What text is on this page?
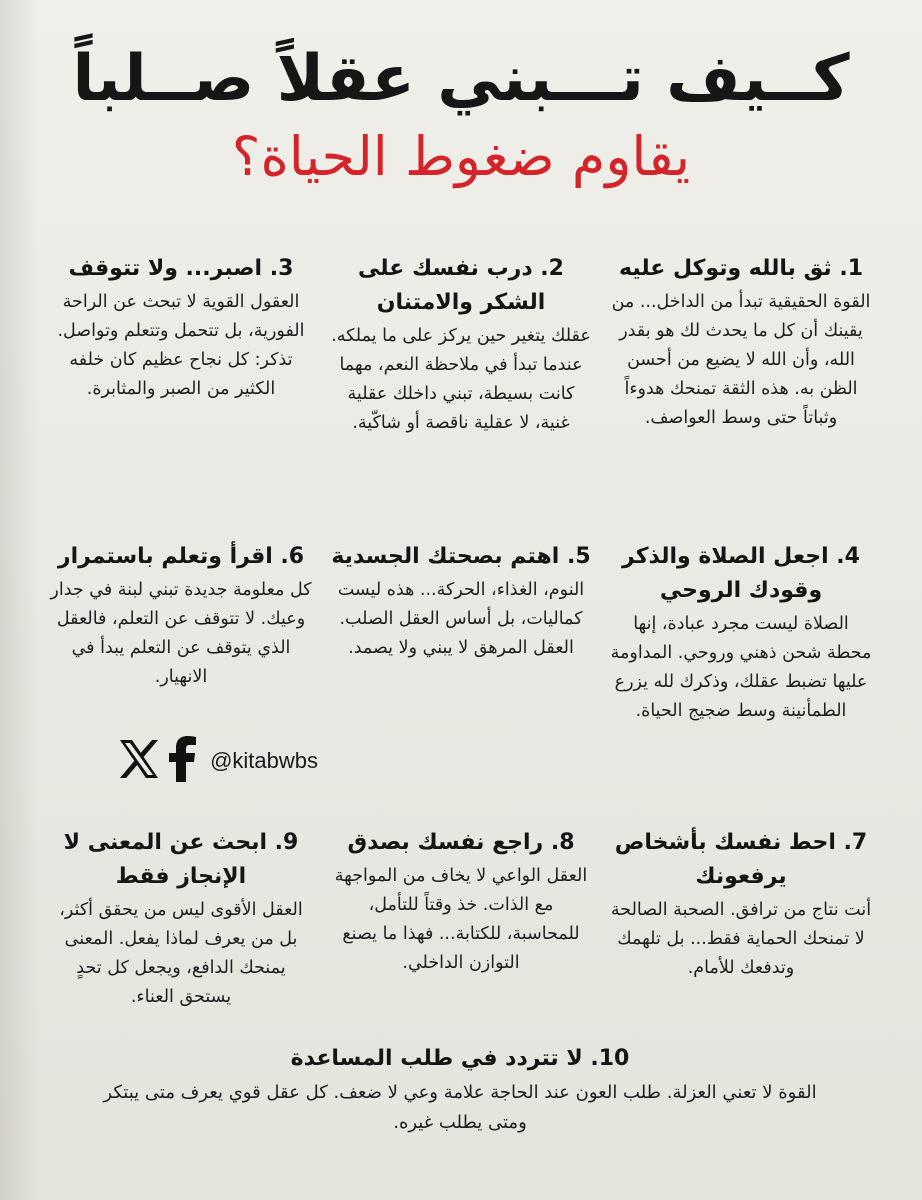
كــيف تـــبني عقلاً صــلباً
يقاوم ضغوط الحياة؟
1. ثق بالله وتوكل عليه
القوة الحقيقية تبدأ من الداخل... من يقينك أن كل ما يحدث لك هو بقدر الله، وأن الله لا يضيع من أحسن الظن به. هذه الثقة تمنحك هدوءاً وثباتاً حتى وسط العواصف.
2. درب نفسك على الشكر والامتنان
عقلك يتغير حين يركز على ما يملكه. عندما تبدأ في ملاحظة النعم، مهما كانت بسيطة، تبني داخلك عقلية غنية، لا عقلية ناقصة أو شاكّية.
3. اصبر... ولا تتوقف
العقول القوية لا تبحث عن الراحة الفورية، بل تتحمل وتتعلم وتواصل. تذكر: كل نجاح عظيم كان خلفه الكثير من الصبر والمثابرة.
4. اجعل الصلاة والذكر وقودك الروحي
الصلاة ليست مجرد عبادة، إنها محطة شحن ذهني وروحي. المداومة عليها تضبط عقلك، وذكرك لله يزرع الطمأنينة وسط ضجيج الحياة.
5. اهتم بصحتك الجسدية
النوم، الغذاء، الحركة... هذه ليست كماليات، بل أساس العقل الصلب. العقل المرهق لا يبني ولا يصمد.
6. اقرأ وتعلم باستمرار
كل معلومة جديدة تبني لبنة في جدار وعيك. لا تتوقف عن التعلم، فالعقل الذي يتوقف عن التعلم يبدأ في الانهيار.
@kitabwbs
7. احط نفسك بأشخاص يرفعونك
أنت نتاج من ترافق. الصحبة الصالحة لا تمنحك الحماية فقط... بل تلهمك وتدفعك للأمام.
8. راجع نفسك بصدق
العقل الواعي لا يخاف من المواجهة مع الذات. خذ وقتاً للتأمل، للمحاسبة، للكتابة... فهذا ما يصنع التوازن الداخلي.
9. ابحث عن المعنى لا الإنجاز فقط
العقل الأقوى ليس من يحقق أكثر، بل من يعرف لماذا يفعل. المعنى يمنحك الدافع، ويجعل كل تحدٍ يستحق العناء.
10. لا تتردد في طلب المساعدة
القوة لا تعني العزلة. طلب العون عند الحاجة علامة وعي لا ضعف. كل عقل قوي يعرف متى يبتكر ومتى يطلب غيره.
